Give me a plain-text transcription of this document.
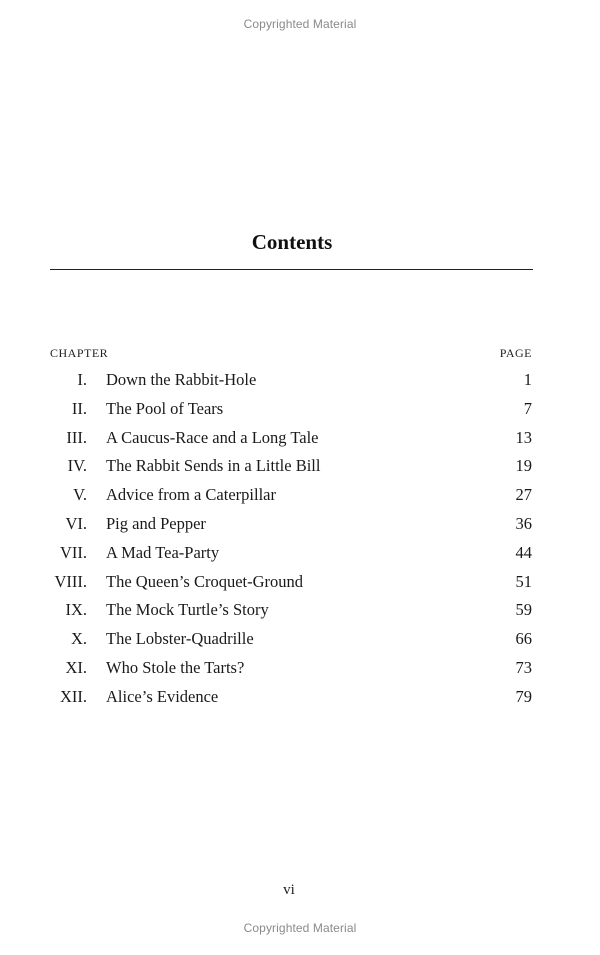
Copyrighted Material
Contents
CHAPTER	PAGE
I. Down the Rabbit-Hole	1
II. The Pool of Tears	7
III. A Caucus-Race and a Long Tale	13
IV. The Rabbit Sends in a Little Bill	19
V. Advice from a Caterpillar	27
VI. Pig and Pepper	36
VII. A Mad Tea-Party	44
VIII. The Queen’s Croquet-Ground	51
IX. The Mock Turtle’s Story	59
X. The Lobster-Quadrille	66
XI. Who Stole the Tarts?	73
XII. Alice’s Evidence	79
vi
Copyrighted Material
